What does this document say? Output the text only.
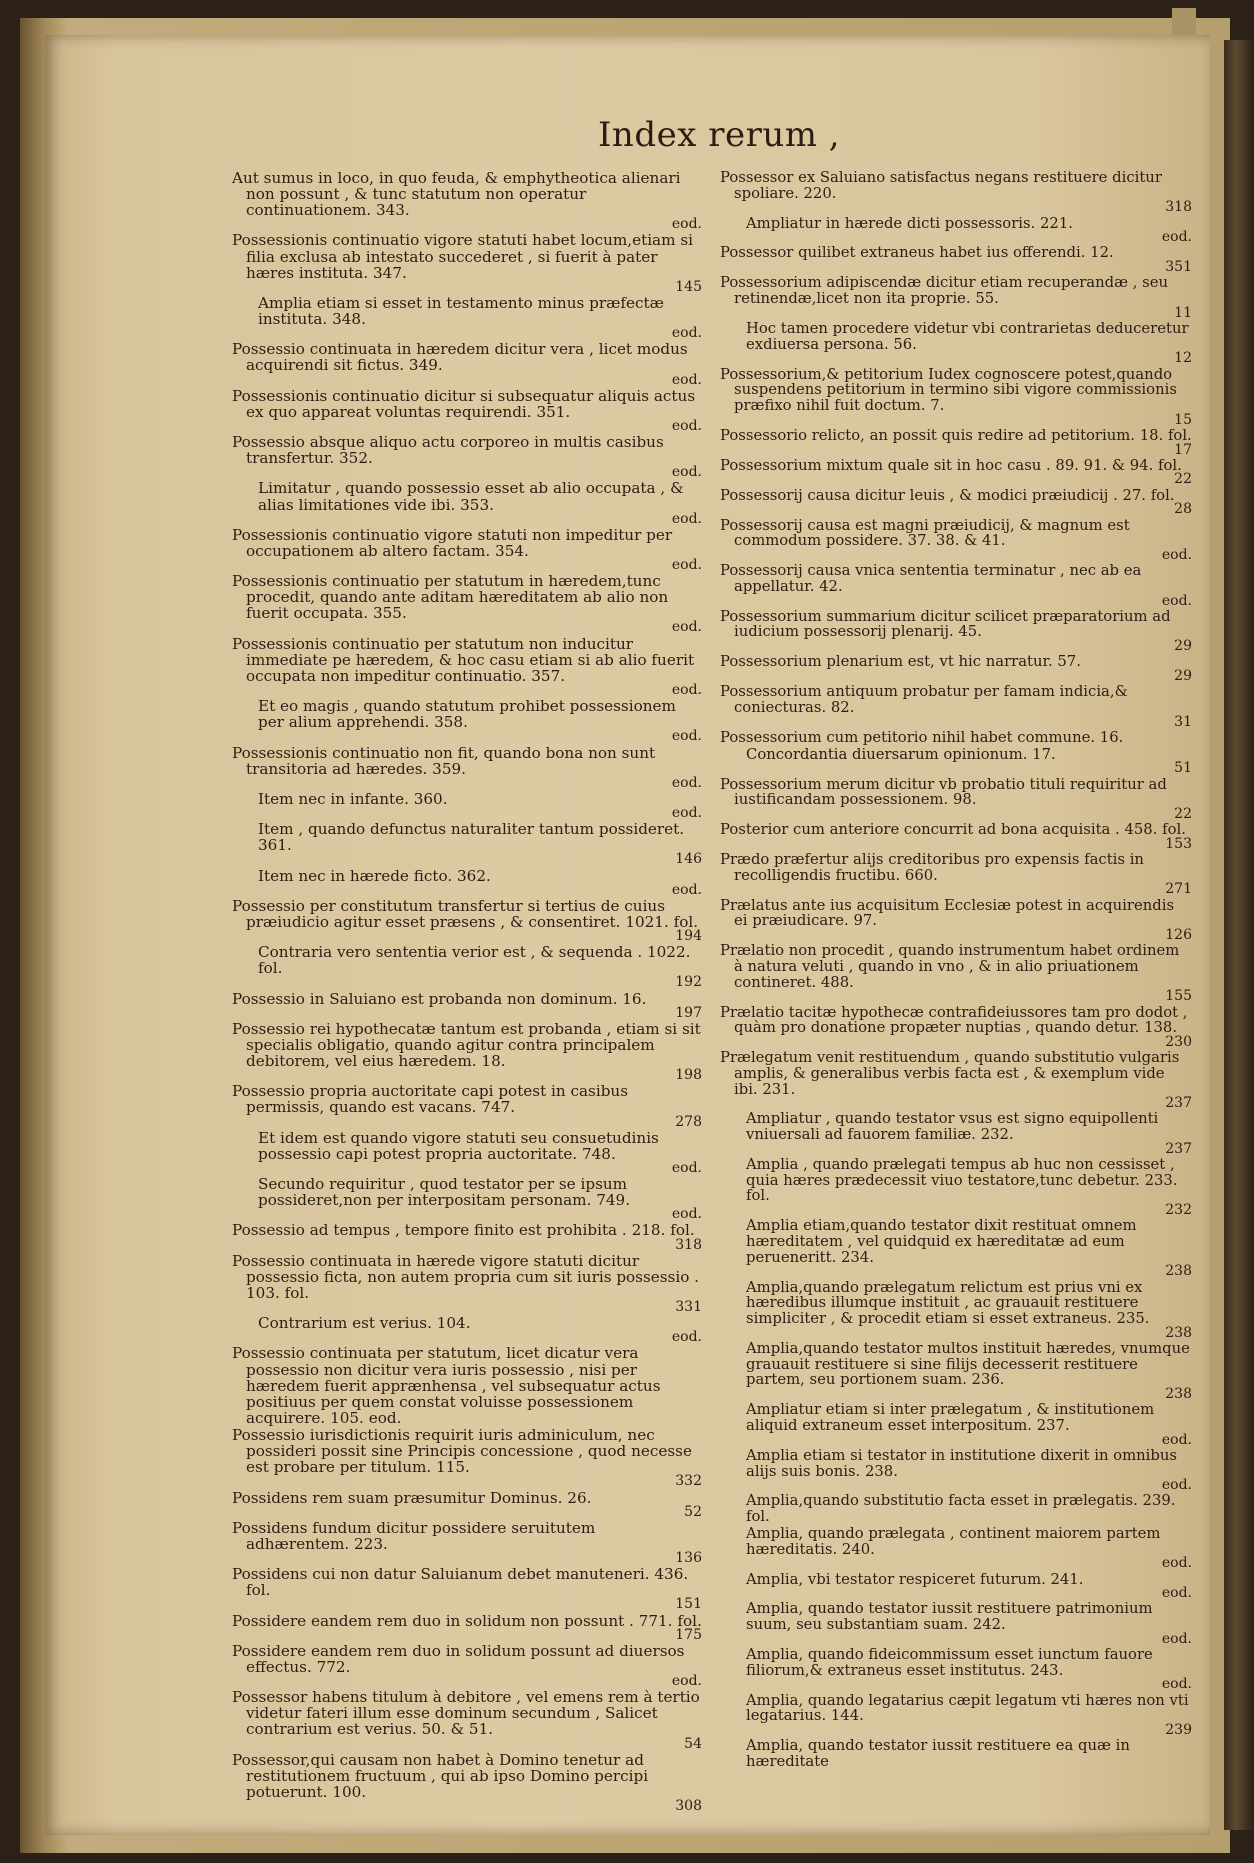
Index rerum ,
Aut sumus in loco, in quo feuda, & emphytheotica alienari non possunt , & tunc statutum non operatur continuationem. 343.
eod.
Possessionis continuatio vigore statuti habet locum,etiam si filia exclusa ab intestato succederet , si fuerit à pater hæres instituta. 347.
145
Amplia etiam si esset in testamento minus præfectæ instituta. 348.
eod.
Possessio continuata in hæredem dicitur vera , licet modus acquirendi sit fictus. 349.
eod.
Possessionis continuatio dicitur si subsequatur aliquis actus ex quo appareat voluntas requirendi. 351.
eod.
Possessio absque aliquo actu corporeo in multis casibus transfertur. 352.
eod.
Limitatur , quando possessio esset ab alio occupata , & alias limitationes vide ibi. 353.
eod.
Possessionis continuatio vigore statuti non impeditur per occupationem ab altero factam. 354.
eod.
Possessionis continuatio per statutum in hæredem,tunc procedit, quando ante aditam hæreditatem ab alio non fuerit occupata. 355.
eod.
Possessionis continuatio per statutum non inducitur immediate pe hæredem, & hoc casu etiam si ab alio fuerit occupata non impeditur continuatio. 357.
eod.
Et eo magis , quando statutum prohibet possessionem per alium apprehendi. 358.
eod.
Possessionis continuatio non fit, quando bona non sunt transitoria ad hæredes. 359.
eod.
Item nec in infante. 360.
eod.
Item , quando defunctus naturaliter tantum possideret. 361.
146
Item nec in hærede ficto. 362.
eod.
Possessio per constitutum transfertur si tertius de cuius præiudicio agitur esset præsens , & consentiret. 1021. fol.
194
Contraria vero sententia verior est , & sequenda . 1022. fol.
192
Possessio in Saluiano est probanda non dominum. 16.
197
Possessio rei hypothecatæ tantum est probanda , etiam si sit specialis obligatio, quando agitur contra principalem debitorem, vel eius hæredem. 18.
198
Possessio propria auctoritate capi potest in casibus permissis, quando est vacans. 747.
278
Et idem est quando vigore statuti seu consuetudinis possessio capi potest propria auctoritate. 748.
eod.
Secundo requiritur , quod testator per se ipsum possideret,non per interpositam personam. 749.
eod.
Possessio ad tempus , tempore finito est prohibita . 218. fol.
318
Possessio continuata in hærede vigore statuti dicitur possessio ficta, non autem propria cum sit iuris possessio . 103. fol.
331
Contrarium est verius. 104.
eod.
Possessio continuata per statutum, licet dicatur vera possessio non dicitur vera iuris possessio , nisi per hæredem fuerit apprænhensa , vel subsequatur actus positiuus per quem constat voluisse possessionem acquirere. 105. eod.
Possessio iurisdictionis requirit iuris adminiculum, nec possideri possit sine Principis concessione , quod necesse est probare per titulum. 115.
332
Possidens rem suam præsumitur Dominus. 26.
52
Possidens fundum dicitur possidere seruitutem adhærentem. 223.
136
Possidens cui non datur Saluianum debet manuteneri. 436. fol.
151
Possidere eandem rem duo in solidum non possunt . 771. fol.
175
Possidere eandem rem duo in solidum possunt ad diuersos effectus. 772.
eod.
Possessor habens titulum à debitore , vel emens rem à tertio videtur fateri illum esse dominum secundum , Salicet contrarium est verius. 50. & 51.
54
Possessor,qui causam non habet à Domino tenetur ad restitutionem fructuum , qui ab ipso Domino percipi potuerunt. 100.
308
Possessor ex Saluiano satisfactus negans restituere dicitur spoliare. 220.
318
Ampliatur in hærede dicti possessoris. 221.
eod.
Possessor quilibet extraneus habet ius offerendi. 12.
351
Possessorium adipiscendæ dicitur etiam recuperandæ , seu retinendæ,licet non ita proprie. 55.
11
Hoc tamen procedere videtur vbi contrarietas deduceretur exdiuersa persona. 56.
12
Possessorium,& petitorium Iudex cognoscere potest,quando suspendens petitorium in termino sibi vigore commissionis præfixo nihil fuit doctum. 7.
15
Possessorio relicto, an possit quis redire ad petitorium. 18. fol.
17
Possessorium mixtum quale sit in hoc casu . 89. 91. & 94. fol.
22
Possessorij causa dicitur leuis , & modici præiudicij . 27. fol.
28
Possessorij causa est magni præiudicij, & magnum est commodum possidere. 37. 38. & 41.
eod.
Possessorij causa vnica sententia terminatur , nec ab ea appellatur. 42.
eod.
Possessorium summarium dicitur scilicet præparatorium ad iudicium possessorij plenarij. 45.
29
Possessorium plenarium est, vt hic narratur. 57.
29
Possessorium antiquum probatur per famam indicia,& coniecturas. 82.
31
Possessorium cum petitorio nihil habet commune. 16.
Concordantia diuersarum opinionum. 17.
51
Possessorium merum dicitur vb probatio tituli requiritur ad iustificandam possessionem. 98.
22
Posterior cum anteriore concurrit ad bona acquisita . 458. fol.
153
Prædo præfertur alijs creditoribus pro expensis factis in recolligendis fructibu. 660.
271
Prælatus ante ius acquisitum Ecclesiæ potest in acquirendis ei præiudicare. 97.
126
Prælatio non procedit , quando instrumentum habet ordinem à natura veluti , quando in vno , & in alio priuationem contineret. 488.
155
Prælatio tacitæ hypothecæ contrafideiussores tam pro dodot , quàm pro donatione propæter nuptias , quando detur. 138.
230
Prælegatum venit restituendum , quando substitutio vulgaris amplis, & generalibus verbis facta est , & exemplum vide ibi. 231.
237
Ampliatur , quando testator vsus est signo equipollenti vniuersali ad fauorem familiæ. 232.
237
Amplia , quando prælegati tempus ab huc non cessisset , quia hæres prædecessit viuo testatore,tunc debetur. 233. fol.
232
Amplia etiam,quando testator dixit restituat omnem hæreditatem , vel quidquid ex hæreditatæ ad eum perueneritt. 234.
238
Amplia,quando prælegatum relictum est prius vni ex hæredibus illumque instituit , ac grauauit restituere simpliciter , & procedit etiam si esset extraneus. 235.
238
Amplia,quando testator multos instituit hæredes, vnumque grauauit restituere si sine filijs decesserit restituere partem, seu portionem suam. 236.
238
Ampliatur etiam si inter prælegatum , & institutionem aliquid extraneum esset interpositum. 237.
eod.
Amplia etiam si testator in institutione dixerit in omnibus alijs suis bonis. 238.
eod.
Amplia,quando substitutio facta esset in prælegatis. 239. fol.
Amplia, quando prælegata , continent maiorem partem hæreditatis. 240.
eod.
Amplia, vbi testator respiceret futurum. 241.
eod.
Amplia, quando testator iussit restituere patrimonium suum, seu substantiam suam. 242.
eod.
Amplia, quando fideicommissum esset iunctum fauore filiorum,& extraneus esset institutus. 243.
eod.
Amplia, quando legatarius cæpit legatum vti hæres non vti legatarius. 144.
239
Amplia, quando testator iussit restituere ea quæ in hæreditate
